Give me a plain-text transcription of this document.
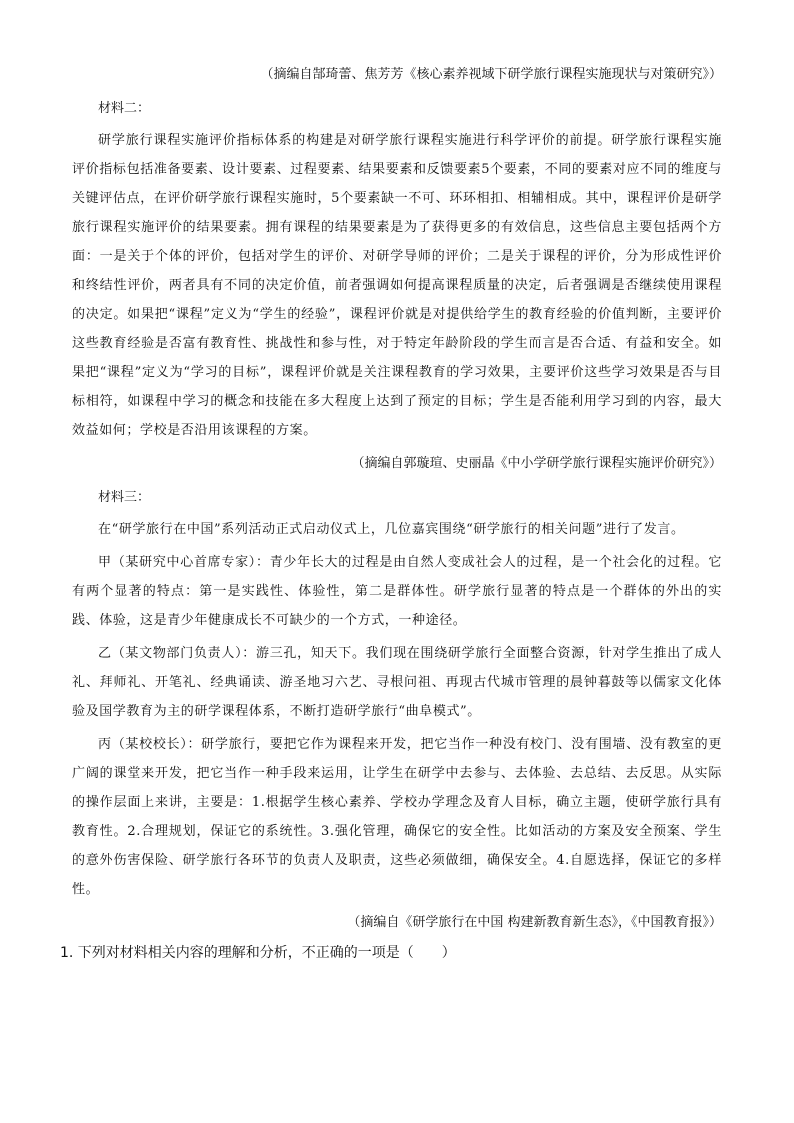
（摘编自郜琦蕾、焦芳芳《核心素养视域下研学旅行课程实施现状与对策研究》）

材料二：

研学旅行课程实施评价指标体系的构建是对研学旅行课程实施进行科学评价的前提。研学旅行课程实施评价指标包括准备要素、设计要素、过程要素、结果要素和反馈要素5个要素，不同的要素对应不同的维度与关键评估点，在评价研学旅行课程实施时，5个要素缺一不可、环环相扣、相辅相成。其中，课程评价是研学旅行课程实施评价的结果要素。拥有课程的结果要素是为了获得更多的有效信息，这些信息主要包括两个方面：一是关于个体的评价，包括对学生的评价、对研学导师的评价；二是关于课程的评价，分为形成性评价和终结性评价，两者具有不同的决定价值，前者强调如何提高课程质量的决定，后者强调是否继续使用课程的决定。如果把“课程”定义为“学生的经验”，课程评价就是对提供给学生的教育经验的价值判断，主要评价这些教育经验是否富有教育性、挑战性和参与性，对于特定年龄阶段的学生而言是否合适、有益和安全。如果把“课程”定义为“学习的目标”，课程评价就是关注课程教育的学习效果，主要评价这些学习效果是否与目标相符，如课程中学习的概念和技能在多大程度上达到了预定的目标；学生是否能利用学习到的内容，最大效益如何；学校是否沿用该课程的方案。

（摘编自郭璇瑄、史丽晶《中小学研学旅行课程实施评价研究》）

材料三：

在“研学旅行在中国”系列活动正式启动仪式上，几位嘉宾围绕“研学旅行的相关问题”进行了发言。

甲（某研究中心首席专家）：青少年长大的过程是由自然人变成社会人的过程，是一个社会化的过程。它有两个显著的特点：第一是实践性、体验性，第二是群体性。研学旅行显著的特点是一个群体的外出的实践、体验，这是青少年健康成长不可缺少的一个方式，一种途径。

乙（某文物部门负责人）：游三孔，知天下。我们现在围绕研学旅行全面整合资源，针对学生推出了成人礼、拜师礼、开笔礼、经典诵读、游圣地习六艺、寻根问祖、再现古代城市管理的晨钟暮鼓等以儒家文化体验及国学教育为主的研学课程体系，不断打造研学旅行“曲阜模式”。

丙（某校校长）：研学旅行，要把它作为课程来开发，把它当作一种没有校门、没有围墙、没有教室的更广阔的课堂来开发，把它当作一种手段来运用，让学生在研学中去参与、去体验、去总结、去反思。从实际的操作层面上来讲，主要是：1.根据学生核心素养、学校办学理念及育人目标，确立主题，使研学旅行具有教育性。2.合理规划，保证它的系统性。3.强化管理，确保它的安全性。比如活动的方案及安全预案、学生的意外伤害保险、研学旅行各环节的负责人及职责，这些必须做细，确保安全。4.自愿选择，保证它的多样性。

（摘编自《研学旅行在中国 构建新教育新生态》，《中国教育报》）

1. 下列对材料相关内容的理解和分析，不正确的一项是（　　）
